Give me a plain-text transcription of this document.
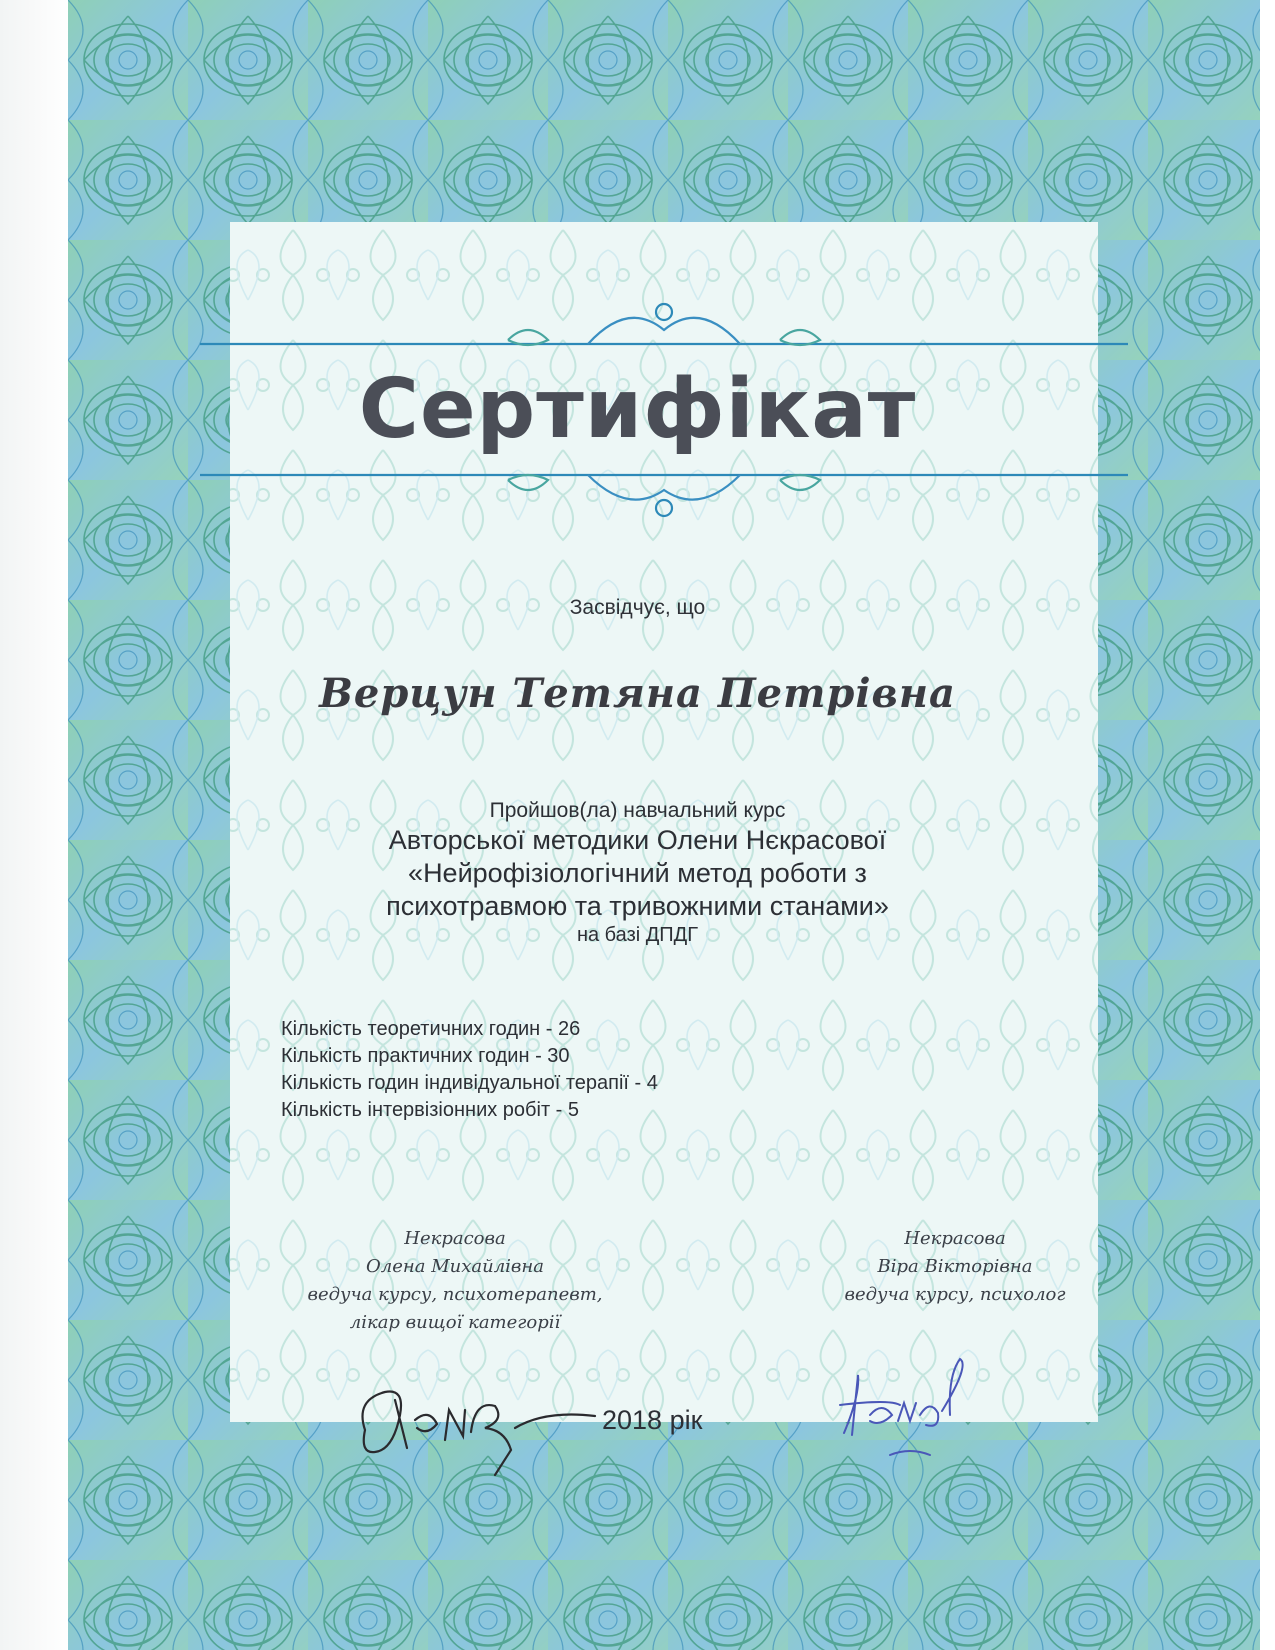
Сертифікат
Засвідчує, що
Верцун Тетяна Петрівна
Пройшов(ла) навчальний курс
Авторської методики Олени Нєкрасової
«Нейрофізіологічний метод роботи з
психотравмою та тривожними станами»
на базі ДПДГ
Кількість теоретичних годин - 26
Кількість практичних годин - 30
Кількість годин індивідуальної терапії - 4
Кількість інтервізіонних робіт - 5
Некрасова
Олена Михайлівна
ведуча курсу, психотерапевт,
лікар вищої категорії
Некрасова
Віра Вікторівна
ведуча курсу, психолог
2018 рік
